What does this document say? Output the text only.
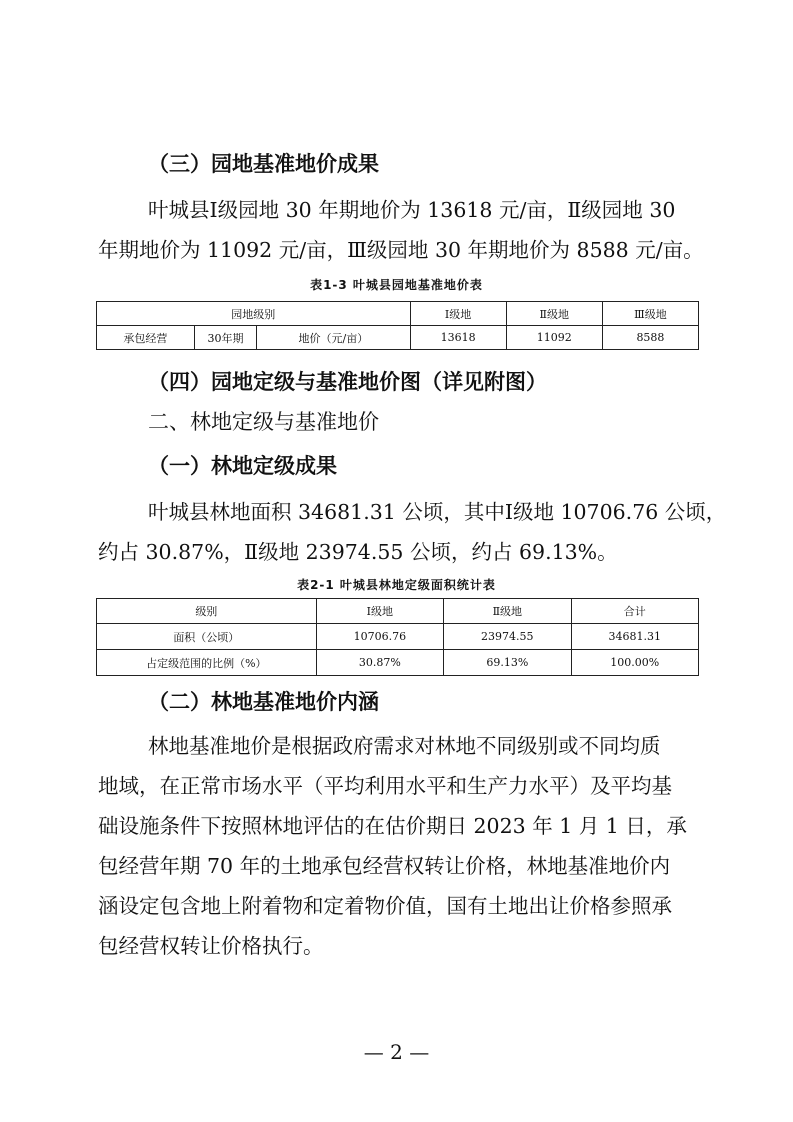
（三）园地基准地价成果
叶城县Ⅰ级园地 30 年期地价为 13618 元/亩，Ⅱ级园地 30
年期地价为 11092 元/亩，Ⅲ级园地 30 年期地价为 8588 元/亩。
表1-3 叶城县园地基准地价表
园地级别			Ⅰ级地	Ⅱ级地	Ⅲ级地
承包经营	30年期	地价（元/亩）	13618	11092	8588
（四）园地定级与基准地价图（详见附图）
二、林地定级与基准地价
（一）林地定级成果
叶城县林地面积 34681.31 公顷，其中Ⅰ级地 10706.76 公顷，
约占 30.87%，Ⅱ级地 23974.55 公顷，约占 69.13%。
表2-1 叶城县林地定级面积统计表
级别	Ⅰ级地	Ⅱ级地	合计
面积（公顷）	10706.76	23974.55	34681.31
占定级范围的比例（%）	30.87%	69.13%	100.00%
（二）林地基准地价内涵
林地基准地价是根据政府需求对林地不同级别或不同均质
地域，在正常市场水平（平均利用水平和生产力水平）及平均基
础设施条件下按照林地评估的在估价期日 2023 年 1 月 1 日，承
包经营年期 70 年的土地承包经营权转让价格，林地基准地价内
涵设定包含地上附着物和定着物价值，国有土地出让价格参照承
包经营权转让价格执行。
— 2 —
